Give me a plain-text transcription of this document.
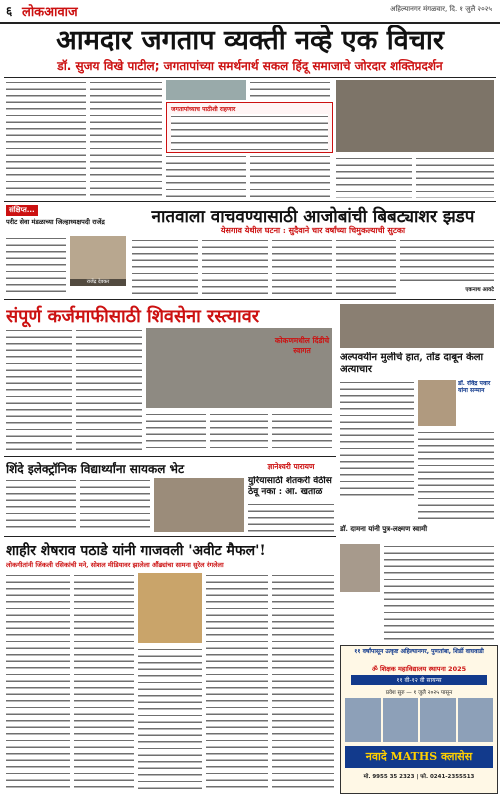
६ लोकआवाज	अहिल्यानगर मंगळवार, दि. १ जुलै २०२५
आमदार जगताप व्यक्ती नव्हे एक विचार
डॉ. सुजय विखे पाटील; जगतापांच्या समर्थनार्थ सकल हिंदू समाजाचे जोरदार शक्तिप्रदर्शन
जगतापांच्याच पाठीशी राहणार
संक्षिप्त...
परीट सेवा मंडळाच्या जिल्हाध्यक्षपदी राजेंद्र
राजेंद्र देवकर
नातवाला वाचवण्यासाठी आजोबांची बिबट्याशर झडप
येसगाव येथील घटना : सुदैवाने चार वर्षांच्या चिमुकल्याची सुटका
एकनाथ आवटे
संपूर्ण कर्जमाफीसाठी शिवसेना रस्त्यावर
अल्पवयीन मुलीचे हात, तोंड दाबून केला अत्याचार
डॉ. रविंद्र पवार यांना सन्मान
कोकणमधील दिंडीचे स्वागत
शिंदे इलेक्ट्रॉनिक विद्यार्थ्यांना सायकल भेट	ज्ञानेश्वरी पारायण
युरियासाठी शेतकरी वेठीस ठेवू नका : आ. खताळ
शाहीर शेषराव पठाडे यांनी गाजवली 'अवीट मैफल'!
लोकगीतांनी जिंकली रसिकांची मने, सोशल मीडियावर झालेला औंढ्यांचा सामना सुरेल रंगलेला
डॉ. दामना यांनी पुत्र-लक्ष्मण स्वामी
११ वर्षांपासून उत्कृष्ट अहिल्यानगर, पुणतांबा, शिर्डी वाघवाडी
ॐ शिक्षक महाविद्यालय स्थापना 2025
११ वी-१२ वी सायन्स
प्रवेश सुरु — १ जुलै २०२५ पासून
नवादे MATHS क्लासेस
मो. 9955 35 2323 | फो. 0241-2355513
